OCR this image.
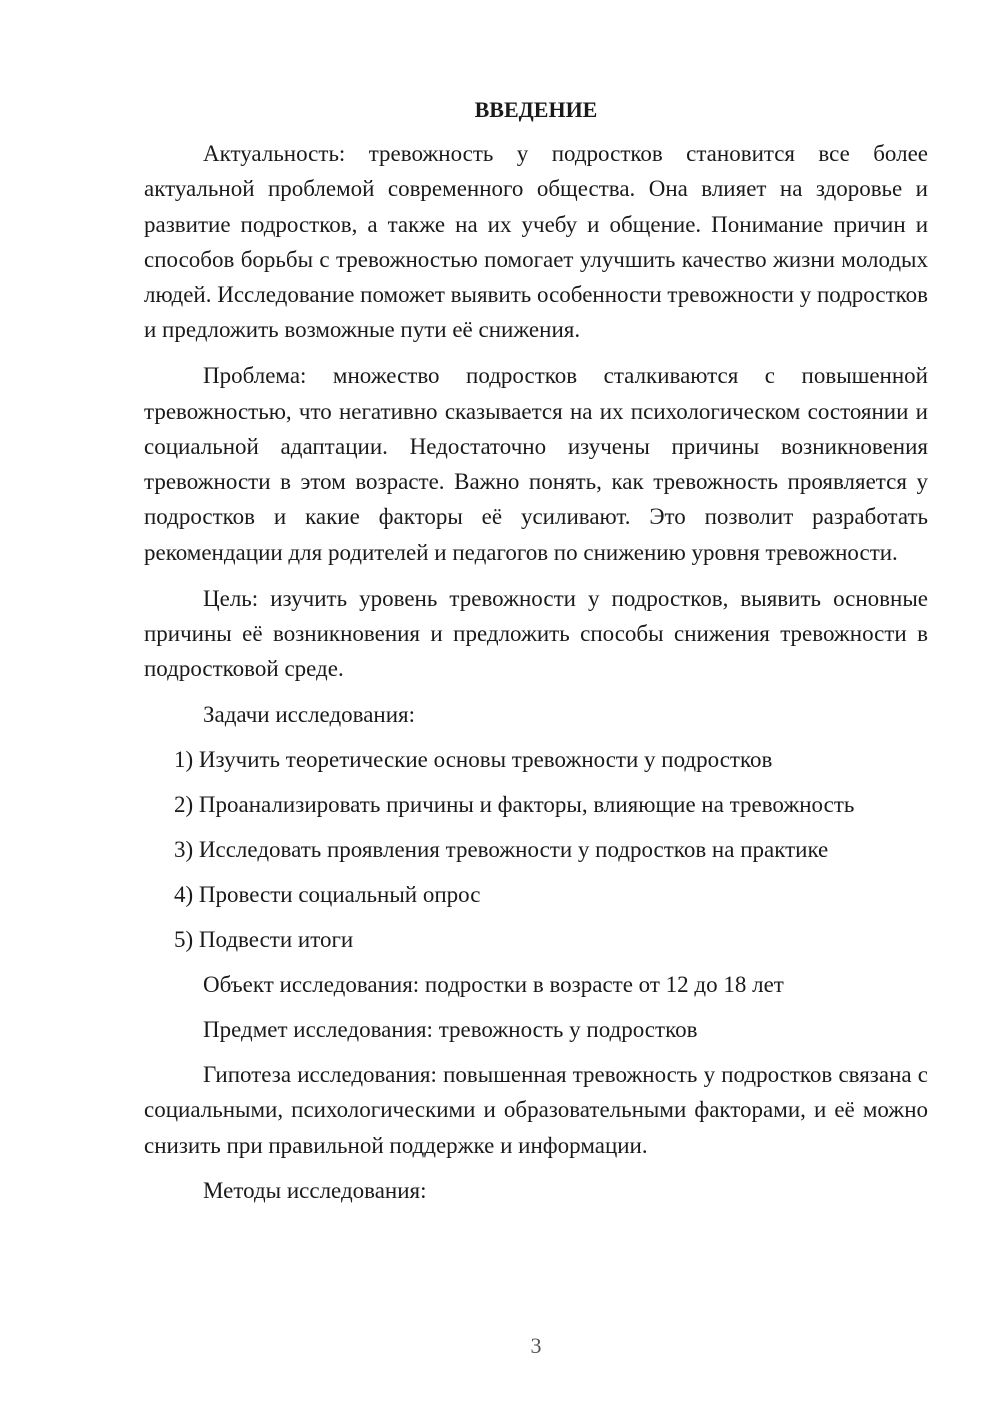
ВВЕДЕНИЕ

Актуальность: тревожность у подростков становится все более актуальной проблемой современного общества. Она влияет на здоровье и развитие подростков, а также на их учебу и общение. Понимание причин и способов борьбы с тревожностью помогает улучшить качество жизни молодых людей. Исследование поможет выявить особенности тревожности у подростков и предложить возможные пути её снижения.

Проблема: множество подростков сталкиваются с повышенной тревожностью, что негативно сказывается на их психологическом состоянии и социальной адаптации. Недостаточно изучены причины возникновения тревожности в этом возрасте. Важно понять, как тревожность проявляется у подростков и какие факторы её усиливают. Это позволит разработать рекомендации для родителей и педагогов по снижению уровня тревожности.

Цель: изучить уровень тревожности у подростков, выявить основные причины её возникновения и предложить способы снижения тревожности в подростковой среде.

Задачи исследования:
1) Изучить теоретические основы тревожности у подростков
2) Проанализировать причины и факторы, влияющие на тревожность
3) Исследовать проявления тревожности у подростков на практике
4) Провести социальный опрос
5) Подвести итоги
Объект исследования: подростки в возрасте от 12 до 18 лет
Предмет исследования: тревожность у подростков

Гипотеза исследования: повышенная тревожность у подростков связана с социальными, психологическими и образовательными факторами, и её можно снизить при правильной поддержке и информации.

Методы исследования:
3
